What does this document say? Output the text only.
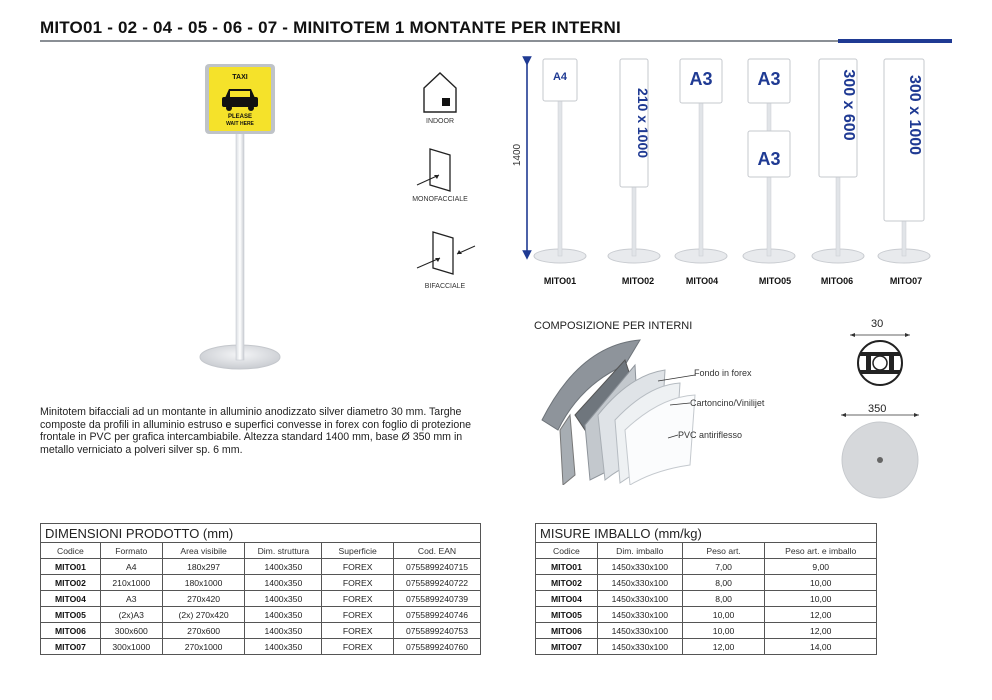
MITO01 - 02 - 04 - 05 - 06 - 07 - MINITOTEM 1 MONTANTE PER INTERNI
TAXI
PLEASE
WAIT HERE	INDOOR
MONOFACCIALE
BIFACCIALE
1400
A4
210 x 1000
A3 A3
A3
300 x 600	300 x 1000
MITO01	MITO02	MITO04	MITO05	MITO06	MITO07
Minitotem bifacciali ad un montante in alluminio anodizzato silver diametro 30 mm. Targhe composte da profili in alluminio estruso e superfici convesse in forex con foglio di protezione frontale in PVC per grafica intercambiabile. Altezza standard 1400 mm, base Ø 350 mm in metallo verniciato a polveri silver sp. 6 mm.
COMPOSIZIONE PER INTERNI
Fondo in forex
Cartoncino/Vinilijet
PVC antiriflesso
30
350
DIMENSIONI PRODOTTO (mm)
Codice	Formato	Area visibile	Dim. struttura	Superficie	Cod. EAN
MITO01	A4	180x297	1400x350	FOREX	0755899240715
MITO02	210x1000	180x1000	1400x350	FOREX	0755899240722
MITO04	A3	270x420	1400x350	FOREX	0755899240739
MITO05	(2x)A3	(2x) 270x420	1400x350	FOREX	0755899240746
MITO06	300x600	270x600	1400x350	FOREX	0755899240753
MITO07	300x1000	270x1000	1400x350	FOREX	0755899240760
MISURE IMBALLO (mm/kg)
Codice	Dim. imballo	Peso art.	Peso art. e imballo
MITO01	1450x330x100	7,00	9,00
MITO02	1450x330x100	8,00	10,00
MITO04	1450x330x100	8,00	10,00
MITO05	1450x330x100	10,00	12,00
MITO06	1450x330x100	10,00	12,00
MITO07	1450x330x100	12,00	14,00
